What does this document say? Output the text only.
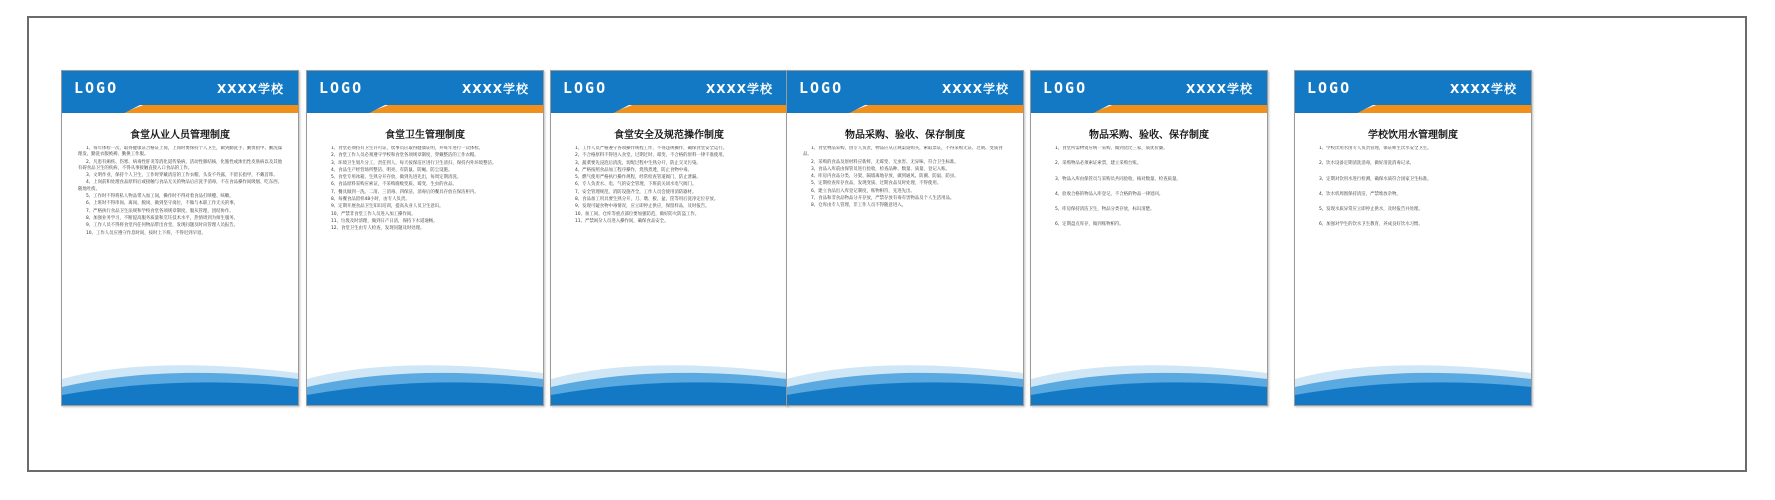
LOGO	XXXX学校
食堂从业人员管理制度

1、每年体检一次，取得健康证合格证上岗，上岗时要保持个人卫生，做到勤洗手、勤剪指甲、勤洗澡理发、勤洗衣服被褥、勤换工作服。

2、凡患有痢疾、伤寒、病毒性肝炎等消化道传染病，活动性肺结核，化脓性或渗出性皮肤病以及其他有碍食品卫生的疾病，不得从事接触直接入口食品的工作。

3、文明作业，保持个人卫生，工作时穿戴清洁的工作衣帽，头发不外露，不留长指甲，不戴首饰。

4、上岗前和处理食品原料后或接触与食品无关的物品后应洗手消毒，不在食品操作间吸烟、吃东西、随地吐痰。

5、工作时不得将私人物品带入加工间，操作时不得对着食品打喷嚏、咳嗽。

6、上班时不得串岗、离岗、脱岗，做到坚守岗位，不做与本职工作无关的事。

7、严格执行食品卫生法规和学校食堂各项规章制度，服从管理，团结协作。

8、加强业务学习，不断提高服务质量和烹饪技术水平，热情周到为师生服务。

9、工作人员不得将食堂内任何物品带出食堂，发现问题及时向管理人员报告。

10、工作人员应遵守作息时间，按时上下班，不得迟到早退。

LOGO	XXXX学校
食堂卫生管理制度

1、食堂必须持有卫生许可证，炊事员应取得健康证明，并每年进行一次体检。

2、食堂工作人员必须遵守学校和食堂各项规章制度，穿戴整洁的工作衣帽。

3、环境卫生划片分工，责任到人，每天按保洁区进行卫生清扫，保持内外环境整洁。

4、食品生产经营场所整洁、明亮、有防鼠、防蝇、防尘设施。

5、食堂专用冰箱，生熟分开存放，做到先进先出，每周定期清洗。

6、食品原料采购应索证，不采购腐败变质、霉变、生虫的食品。

7、餐具做到一洗、二清、三消毒、四保洁，消毒后的餐具存放在保洁柜内。

8、每餐食品留样48小时，由专人负责。

9、定期开展食品卫生知识培训，提高从业人员卫生意识。

10、严禁非食堂工作人员进入加工操作间。

11、垃圾及时清理，做到日产日清，保持下水道通畅。

12、食堂卫生由专人检查，发现问题及时处理。

LOGO	XXXX学校
食堂安全及规范操作制度

1、工作人员严格遵守各项操作规程工作，不得违规操作，确保食堂安全运行。

2、不合格原料不得进入食堂，过期过时、霉变、不合格的原料一律不准使用。

3、蔬菜要先浸泡后清洗，切配过程中生熟分开，防止交叉污染。

4、严格按照食品加工程序操作，烧熟煮透，防止食物中毒。

5、燃气使用严格执行操作规程，经常检查管道阀门，防止泄漏。

6、专人负责水、电、气的安全管理，下班前关闭水电气阀门。

7、安全管理规范，消防设施齐全，工作人员会使用消防器材。

8、食品加工用具要生熟分开，刀、墩、板、盆、筐等用后洗净定位存放。

9、发现可疑食物中毒情况，应立即停止供应，保留样品，及时报告。

10、加工间、仓库等重点部位要加强防范，做好防火防盗工作。

11、严禁闲杂人员进入操作间，确保食品安全。

LOGO	XXXX学校
物品采购、验收、保存制度

1、食堂物品采购，由专人负责，物品应从正规渠道购买，索取票证，不得采购无证、过期、变质食品。

2、采购的食品及原材料应新鲜，无霉变、无虫害、无异味，符合卫生标准。

3、食品入库前由保管员进行验收，检查品种、数量、质量，登记入账。

4、库房内食品分类、分架、隔墙离地存放，做到通风、防潮、防鼠、防虫。

5、定期检查库存食品，发现变质、过期食品及时处理，不得使用。

6、建立食品出入库登记制度，账物相符，先进先出。

7、食品和非食品物品分开存放，严禁存放有毒有害物品及个人生活用品。

8、仓库由专人管理，非工作人员不得随意进入。

LOGO	XXXX学校
物品采购、验收、保存制度

1、食堂所需物资应统一采购，做到货比三家，质优价廉。

2、采购物品必须索证索票，建立采购台账。

3、物品入库由保管员与采购员共同验收，核对数量、检查质量。

4、验收合格的物品入库登记，不合格的物品一律退回。

5、库房保持清洁卫生，物品分类存放，标识清楚。

6、定期盘点库存，做到账物相符。

LOGO	XXXX学校
学校饮用水管理制度

1、学校饮用水由专人负责管理，保证师生饮水安全卫生。

2、饮水设备定期清洗消毒，做好清洗消毒记录。

3、定期对饮用水进行检测，确保水质符合国家卫生标准。

4、饮水机周围保持清洁，严禁堆放杂物。

5、发现水质异常应立即停止供水，及时报告并处理。

6、加强对学生的饮水卫生教育，养成良好饮水习惯。
